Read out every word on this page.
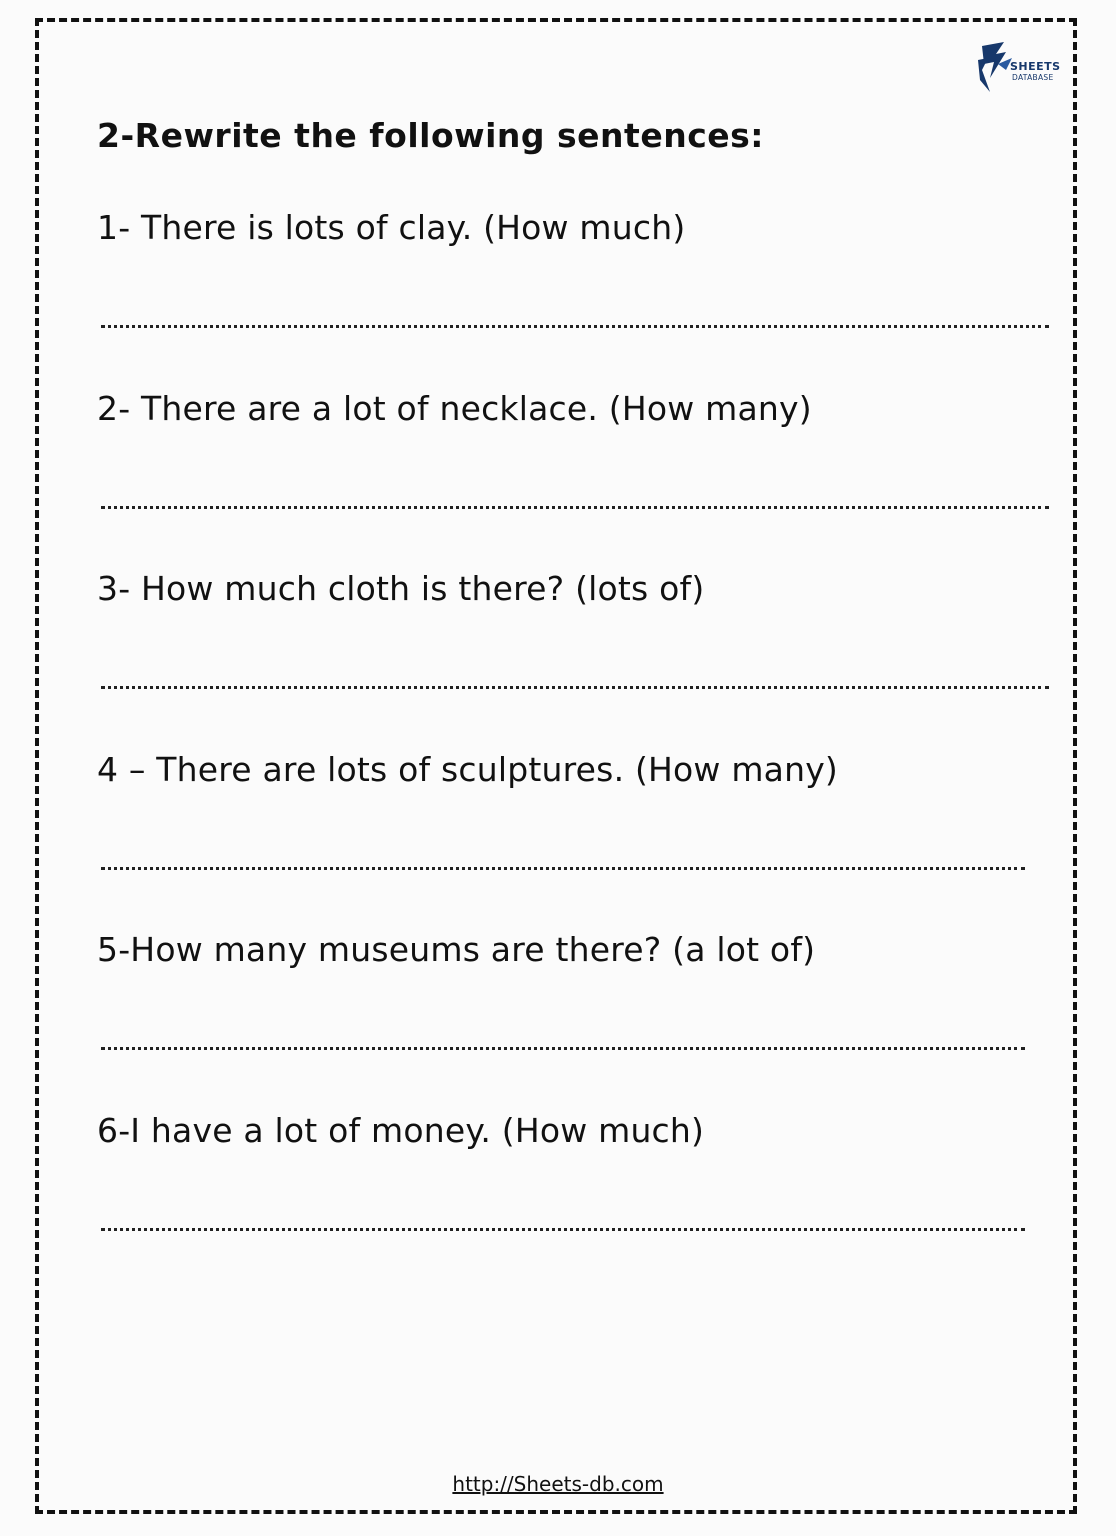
SHEETS
DATABASE
2-Rewrite the following sentences:
1- There is lots of clay. (How much)
2- There are a lot of necklace. (How many)
3- How much cloth is there? (lots of)
4 – There are lots of sculptures. (How many)
5-How many museums are there? (a lot of)
6-I have a lot of money. (How much)
http://Sheets-db.com
